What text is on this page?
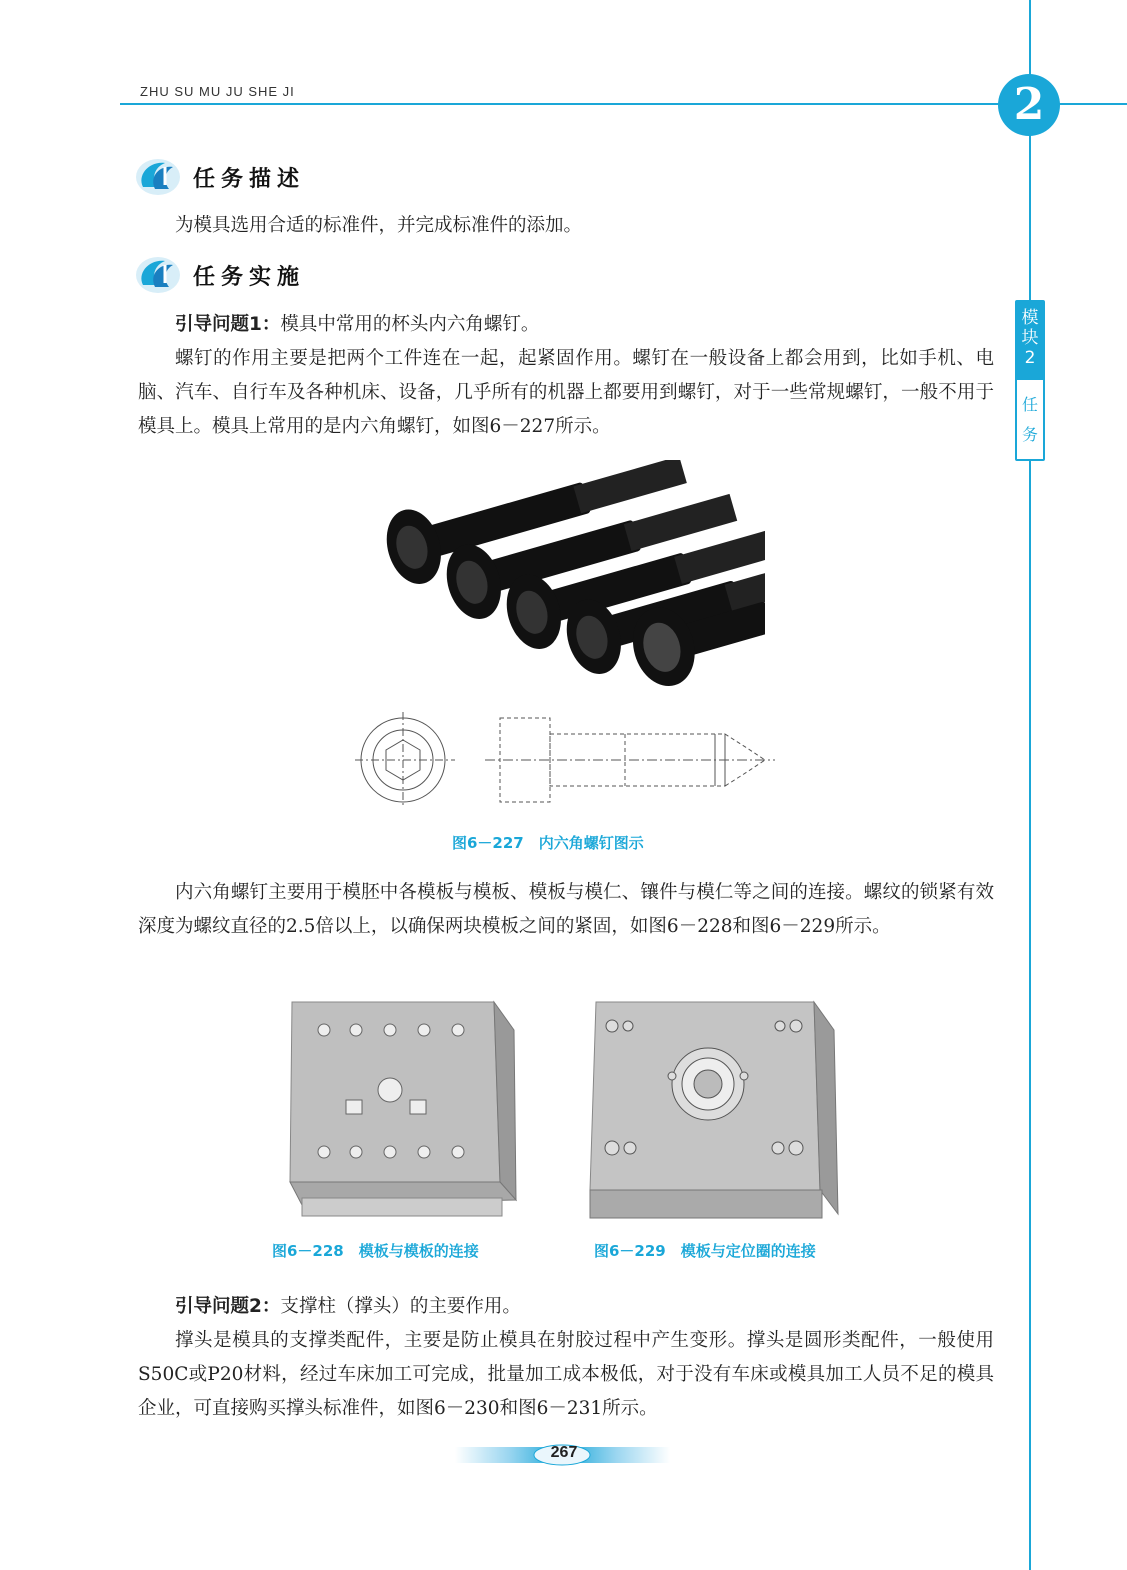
ZHU SU MU JU SHE JI	2
模块2
任务
任务描述
为模具选用合适的标准件，并完成标准件的添加。
任务实施
引导问题1：模具中常用的杯头内六角螺钉。
螺钉的作用主要是把两个工件连在一起，起紧固作用。螺钉在一般设备上都会用到，比如手机、电脑、汽车、自行车及各种机床、设备，几乎所有的机器上都要用到螺钉，对于一些常规螺钉，一般不用于模具上。模具上常用的是内六角螺钉，如图6－227所示。
图6－227　内六角螺钉图示
内六角螺钉主要用于模胚中各模板与模板、模板与模仁、镶件与模仁等之间的连接。螺纹的锁紧有效深度为螺纹直径的2.5倍以上，以确保两块模板之间的紧固，如图6－228和图6－229所示。
图6－228　模板与模板的连接	图6－229　模板与定位圈的连接
引导问题2：支撑柱（撑头）的主要作用。
撑头是模具的支撑类配件，主要是防止模具在射胶过程中产生变形。撑头是圆形类配件，一般使用S50C或P20材料，经过车床加工可完成，批量加工成本极低，对于没有车床或模具加工人员不足的模具企业，可直接购买撑头标准件，如图6－230和图6－231所示。
267
